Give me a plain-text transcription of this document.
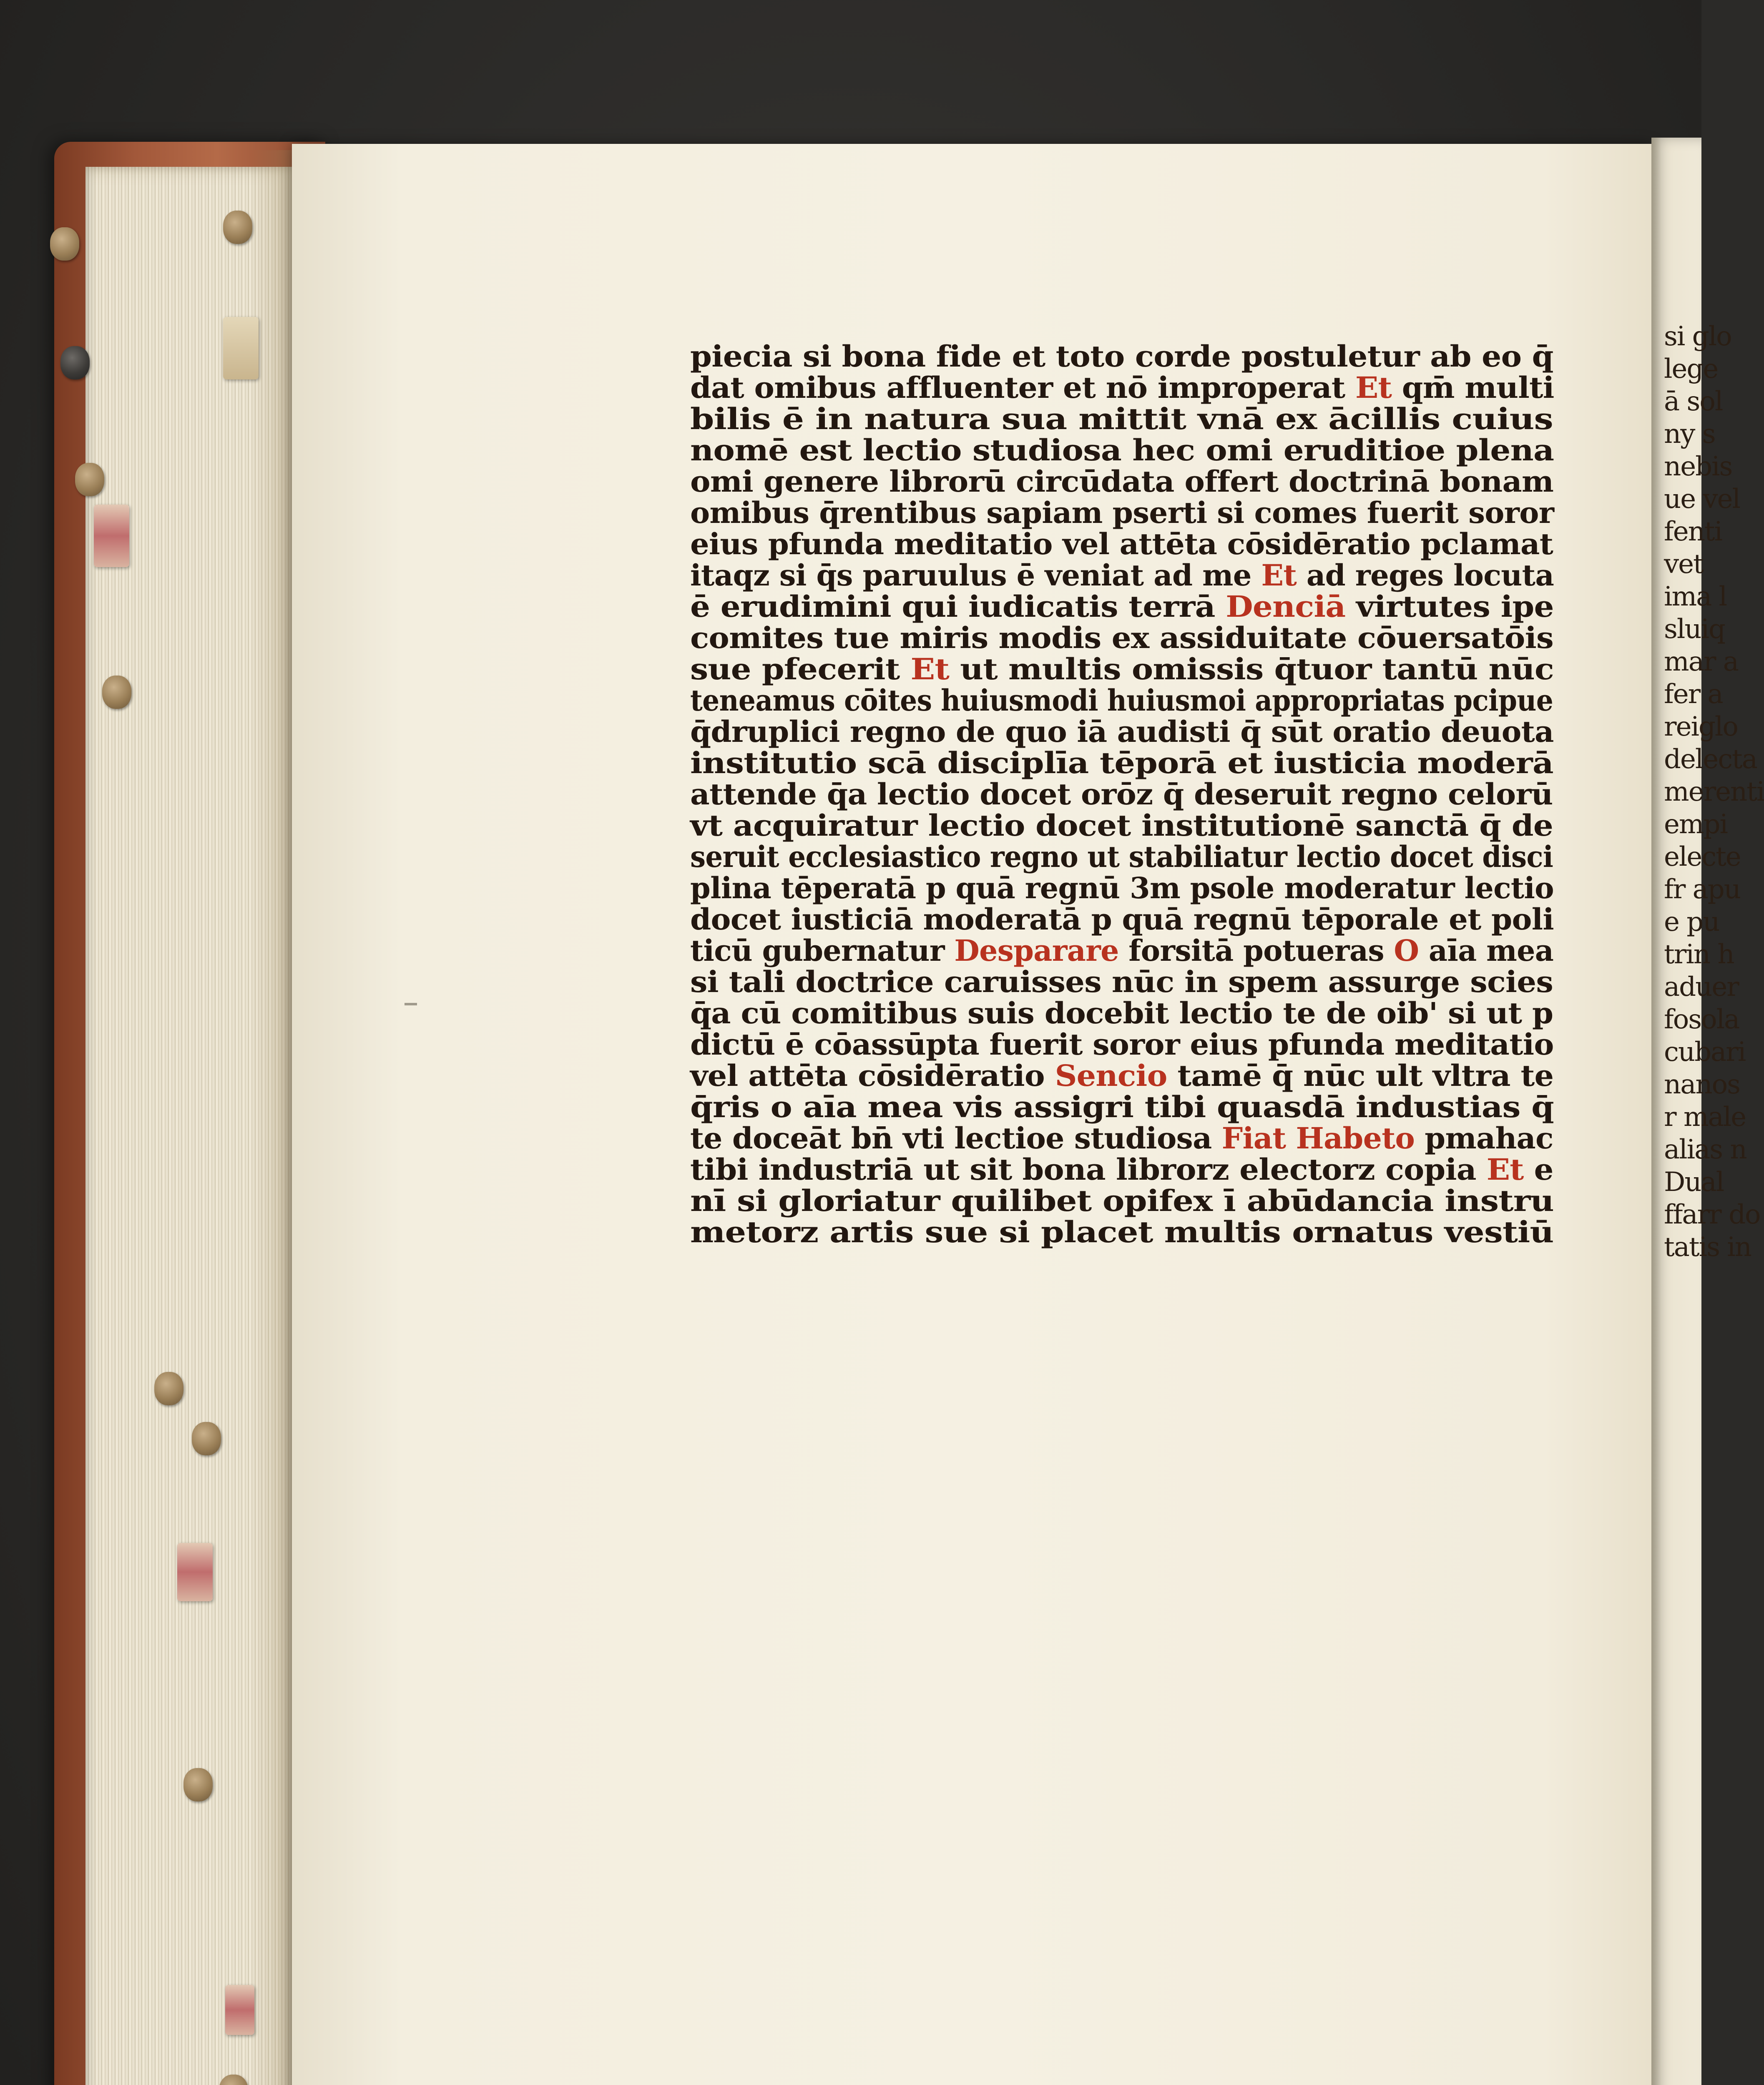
piecia si bona fide et toto corde postuletur ab eo q̄
dat omibus affluenter et nō improperat Et qm̄ multi
bilis ē in natura sua mittit vnā ex ācillis cuius
nomē est lectio studiosa hec omi eruditioe plena
omi genere librorū circūdata offert doctrinā bonam
omibus q̄rentibus sapiam pserti si comes fuerit soror
eius pfunda meditatio vel attēta cōsidēratio pclamat
itaqz si q̄s paruulus ē veniat ad me Et ad reges locuta
ē erudimini qui iudicatis terrā Denciā virtutes ipe
comites tue miris modis ex assiduitate cōuersatōis
sue pfecerit Et ut multis omissis q̄tuor tantū nūc
teneamus cōites huiusmodi huiusmoi appropriatas pcipue
q̄druplici regno de quo iā audisti q̄ sūt oratio deuota
institutio scā disciplīa tēporā et iusticia moderā
attende q̄a lectio docet orōz q̄ deseruit regno celorū
vt acquiratur lectio docet institutionē sanctā q̄ de
seruit ecclesiastico regno ut stabiliatur lectio docet disci
plina tēperatā p quā regnū 3m psole moderatur lectio
docet iusticiā moderatā p quā regnū tēporale et poli
ticū gubernatur Desparare forsitā potueras O aīa mea
si tali doctrice caruisses nūc in spem assurge scies
q̄a cū comitibus suis docebit lectio te de oib' si ut p
dictū ē cōassūpta fuerit soror eius pfunda meditatio
vel attēta cōsidēratio Sencio tamē q̄ nūc ult vltra te
q̄ris o aīa mea vis assigri tibi quasdā industias q̄
te doceāt bn̄ vti lectioe studiosa Fiat Habeto pmahac
tibi industriā ut sit bona librorz electorz copia Et e
nī si gloriatur quilibet opifex ī abūdancia instru
metorz artis sue si placet multis ornatus vestiū
si glo
lege
ā sol
ny s
nebis
ue vel
fenti
vet
ima l
sluiq
mar a
fer a
reiglo
delecta
merenti
empi
electe
fr apu
e pu
trin h
aduer
fosola
cubari
nanos
r male
alias n
Dual
ffarr do
tatis in
